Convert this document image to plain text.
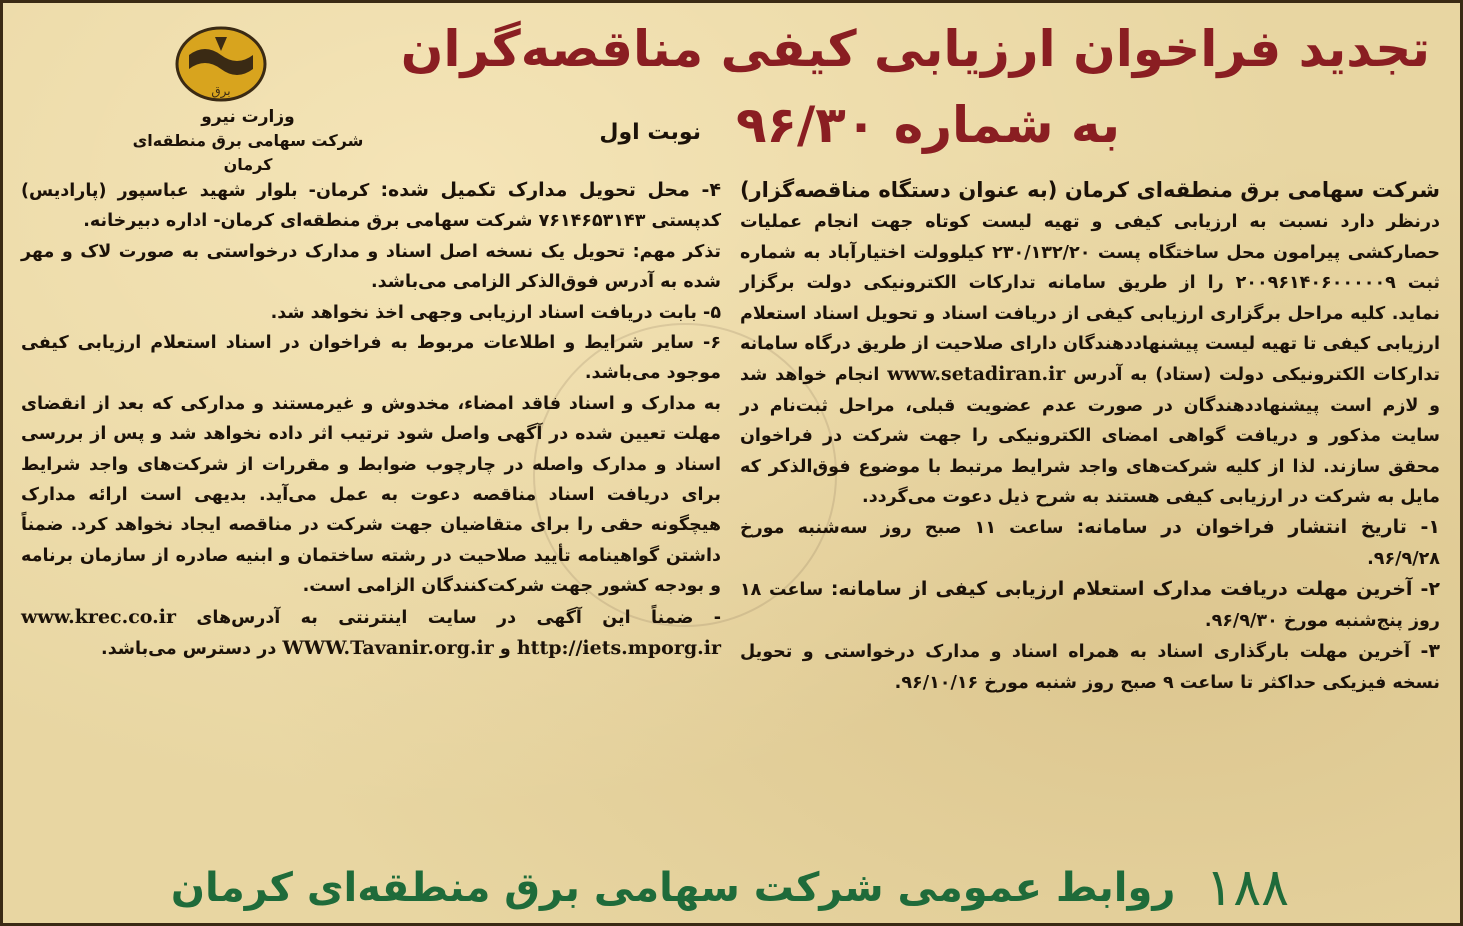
تجدید فراخوان ارزیابی کیفی مناقصه‌گران
به شماره ۹۶/۳۰
نوبت اول
برق
وزارت نیرو
شرکت سهامی برق منطقه‌ای کرمان

شرکت سهامی برق منطقه‌ای کرمان (به عنوان دستگاه مناقصه‌گزار) درنظر دارد نسبت به ارزیابی کیفی و تهیه لیست کوتاه جهت انجام عملیات حصارکشی پیرامون محل ساختگاه پست ۲۳۰/۱۳۲/۲۰ کیلوولت اختیارآباد به شماره ثبت ۲۰۰۹۶۱۴۰۶۰۰۰۰۰۹ را از طریق سامانه تدارکات الکترونیکی دولت برگزار نماید. کلیه مراحل برگزاری ارزیابی کیفی از دریافت اسناد و تحویل اسناد استعلام ارزیابی کیفی تا تهیه لیست پیشنهاددهندگان دارای صلاحیت از طریق درگاه سامانه تدارکات الکترونیکی دولت (ستاد) به آدرس www.setadiran.ir انجام خواهد شد و لازم است پیشنهاددهندگان در صورت عدم عضویت قبلی، مراحل ثبت‌نام در سایت مذکور و دریافت گواهی امضای الکترونیکی را جهت شرکت در فراخوان محقق سازند. لذا از کلیه شرکت‌های واجد شرایط مرتبط با موضوع فوق‌الذکر که مایل به شرکت در ارزیابی کیفی هستند به شرح ذیل دعوت می‌گردد.

۱- تاریخ انتشار فراخوان در سامانه: ساعت ۱۱ صبح روز سه‌شنبه مورخ ۹۶/۹/۲۸.

۲- آخرین مهلت دریافت مدارک استعلام ارزیابی کیفی از سامانه: ساعت ۱۸ روز پنج‌شنبه مورخ ۹۶/۹/۳۰.

۳- آخرین مهلت بارگذاری اسناد به همراه اسناد و مدارک درخواستی و تحویل نسخه فیزیکی حداکثر تا ساعت ۹ صبح روز شنبه مورخ ۹۶/۱۰/۱۶.

۴- محل تحویل مدارک تکمیل شده: کرمان- بلوار شهید عباسپور (پارادیس) کدپستی ۷۶۱۴۶۵۳۱۴۳ شرکت سهامی برق منطقه‌ای کرمان- اداره دبیرخانه.

تذکر مهم: تحویل یک نسخه اصل اسناد و مدارک درخواستی به صورت لاک و مهر شده به آدرس فوق‌الذکر الزامی می‌باشد.

۵- بابت دریافت اسناد ارزیابی وجهی اخذ نخواهد شد.

۶- سایر شرایط و اطلاعات مربوط به فراخوان در اسناد استعلام ارزیابی کیفی موجود می‌باشد.

به مدارک و اسناد فاقد امضاء، مخدوش و غیرمستند و مدارکی که بعد از انقضای مهلت تعیین شده در آگهی واصل شود ترتیب اثر داده نخواهد شد و پس از بررسی اسناد و مدارک واصله در چارچوب ضوابط و مقررات از شرکت‌های واجد شرایط برای دریافت اسناد مناقصه دعوت به عمل می‌آید. بدیهی است ارائه مدارک هیچگونه حقی را برای متقاضیان جهت شرکت در مناقصه ایجاد نخواهد کرد. ضمناً داشتن گواهینامه تأیید صلاحیت در رشته ساختمان و ابنیه صادره از سازمان برنامه و بودجه کشور جهت شرکت‌کنندگان الزامی است.

- ضمناً این آگهی در سایت اینترنتی به آدرس‌های www.krec.co.ir http://iets.mporg.ir و WWW.Tavanir.org.ir در دسترس می‌باشد.

۱۸۸ روابط عمومی شرکت سهامی برق منطقه‌ای کرمان
